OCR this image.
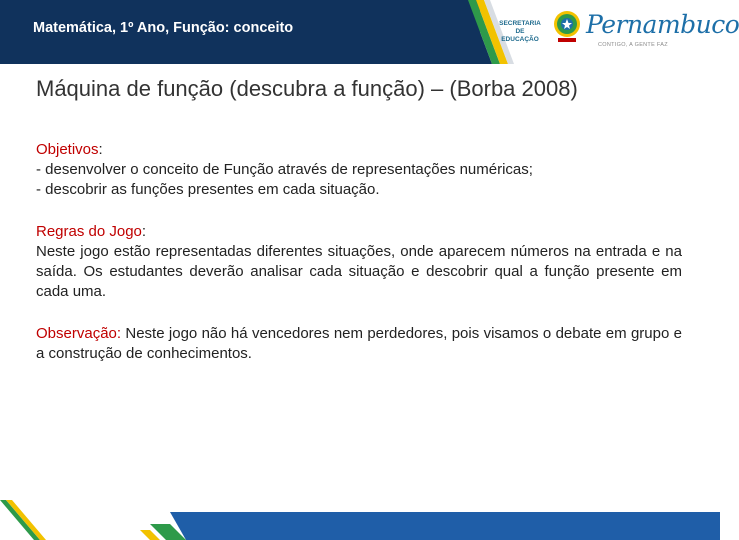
Matemática, 1º Ano, Função: conceito	SECRETARIA DE EDUCAÇÃO
Pernambuco
CONTIGO, A GENTE FAZ
Máquina de função (descubra a função) – (Borba 2008)

Objetivos:

- desenvolver o conceito de Função através de representações numéricas;

- descobrir as funções presentes em cada situação.

Regras do Jogo:

Neste jogo estão representadas diferentes situações, onde aparecem números na entrada e na saída. Os estudantes deverão analisar cada situação e descobrir qual a função presente em cada uma.

Observação: Neste jogo não há vencedores nem perdedores, pois visamos o debate em grupo e a construção de conhecimentos.
